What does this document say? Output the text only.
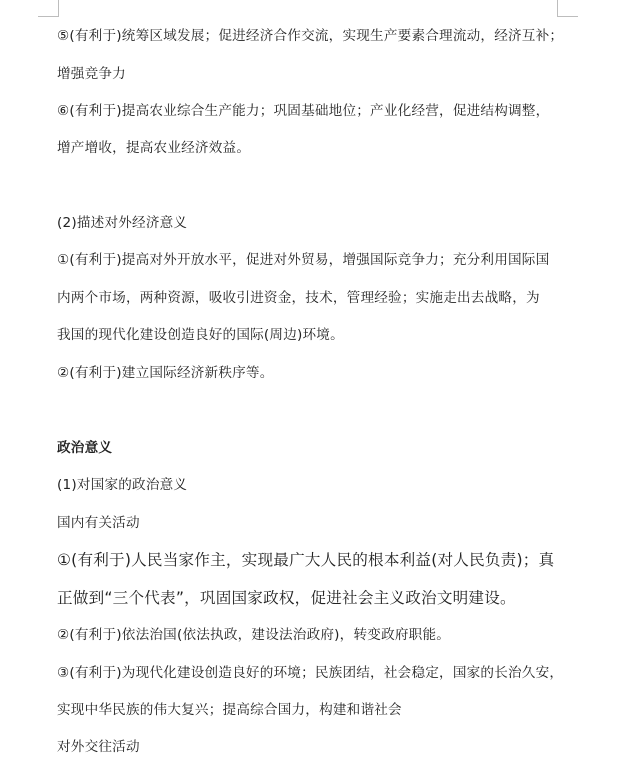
⑤(有利于)统筹区域发展；促进经济合作交流，实现生产要素合理流动，经济互补；
增强竞争力
⑥(有利于)提高农业综合生产能力；巩固基础地位；产业化经营，促进结构调整，
增产增收，提高农业经济效益。
(2)描述对外经济意义
①(有利于)提高对外开放水平，促进对外贸易，增强国际竞争力；充分利用国际国
内两个市场，两种资源，吸收引进资金，技术，管理经验；实施走出去战略，为
我国的现代化建设创造良好的国际(周边)环境。
②(有利于)建立国际经济新秩序等。
政治意义
(1)对国家的政治意义
国内有关活动
①(有利于)人民当家作主，实现最广大人民的根本利益(对人民负责)；真
正做到“三个代表”，巩固国家政权，促进社会主义政治文明建设。
②(有利于)依法治国(依法执政，建设法治政府)，转变政府职能。
③(有利于)为现代化建设创造良好的环境；民族团结，社会稳定，国家的长治久安，
实现中华民族的伟大复兴；提高综合国力，构建和谐社会
对外交往活动
